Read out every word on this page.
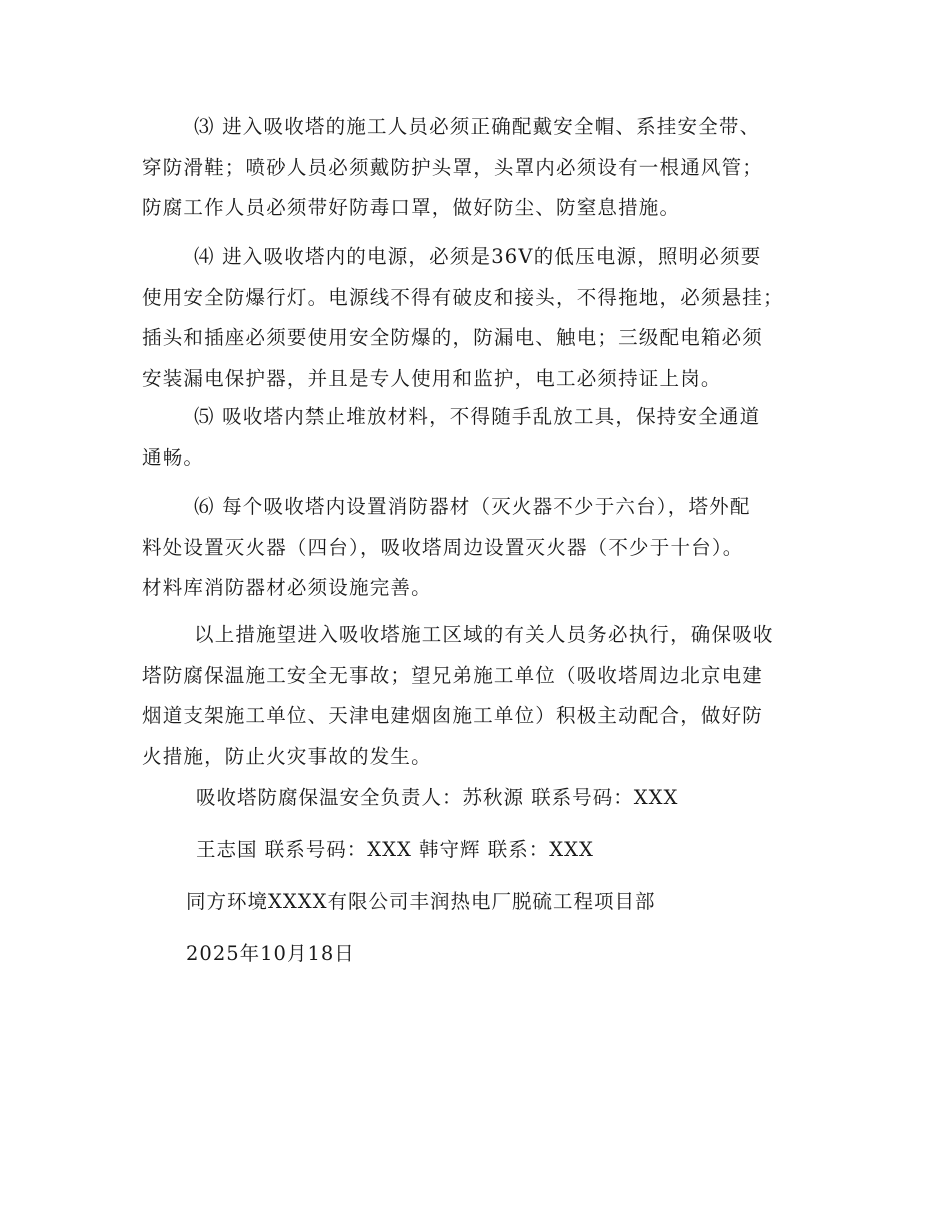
⑶ 进入吸收塔的施工人员必须正确配戴安全帽、系挂安全带、
穿防滑鞋；喷砂人员必须戴防护头罩，头罩内必须设有一根通风管；
防腐工作人员必须带好防毒口罩，做好防尘、防窒息措施。

⑷ 进入吸收塔内的电源，必须是36V的低压电源，照明必须要
使用安全防爆行灯。电源线不得有破皮和接头，不得拖地，必须悬挂；
插头和插座必须要使用安全防爆的，防漏电、触电；三级配电箱必须
安装漏电保护器，并且是专人使用和监护，电工必须持证上岗。

⑸ 吸收塔内禁止堆放材料，不得随手乱放工具，保持安全通道
通畅。

⑹ 每个吸收塔内设置消防器材（灭火器不少于六台），塔外配
料处设置灭火器（四台），吸收塔周边设置灭火器（不少于十台）。
材料库消防器材必须设施完善。

以上措施望进入吸收塔施工区域的有关人员务必执行，确保吸收
塔防腐保温施工安全无事故；望兄弟施工单位（吸收塔周边北京电建
烟道支架施工单位、天津电建烟囱施工单位）积极主动配合，做好防
火措施，防止火灾事故的发生。

吸收塔防腐保温安全负责人：苏秋源 联系号码：XXX

王志国 联系号码：XXX 韩守辉 联系：XXX

同方环境XXXX有限公司丰润热电厂脱硫工程项目部

2025年10月18日
